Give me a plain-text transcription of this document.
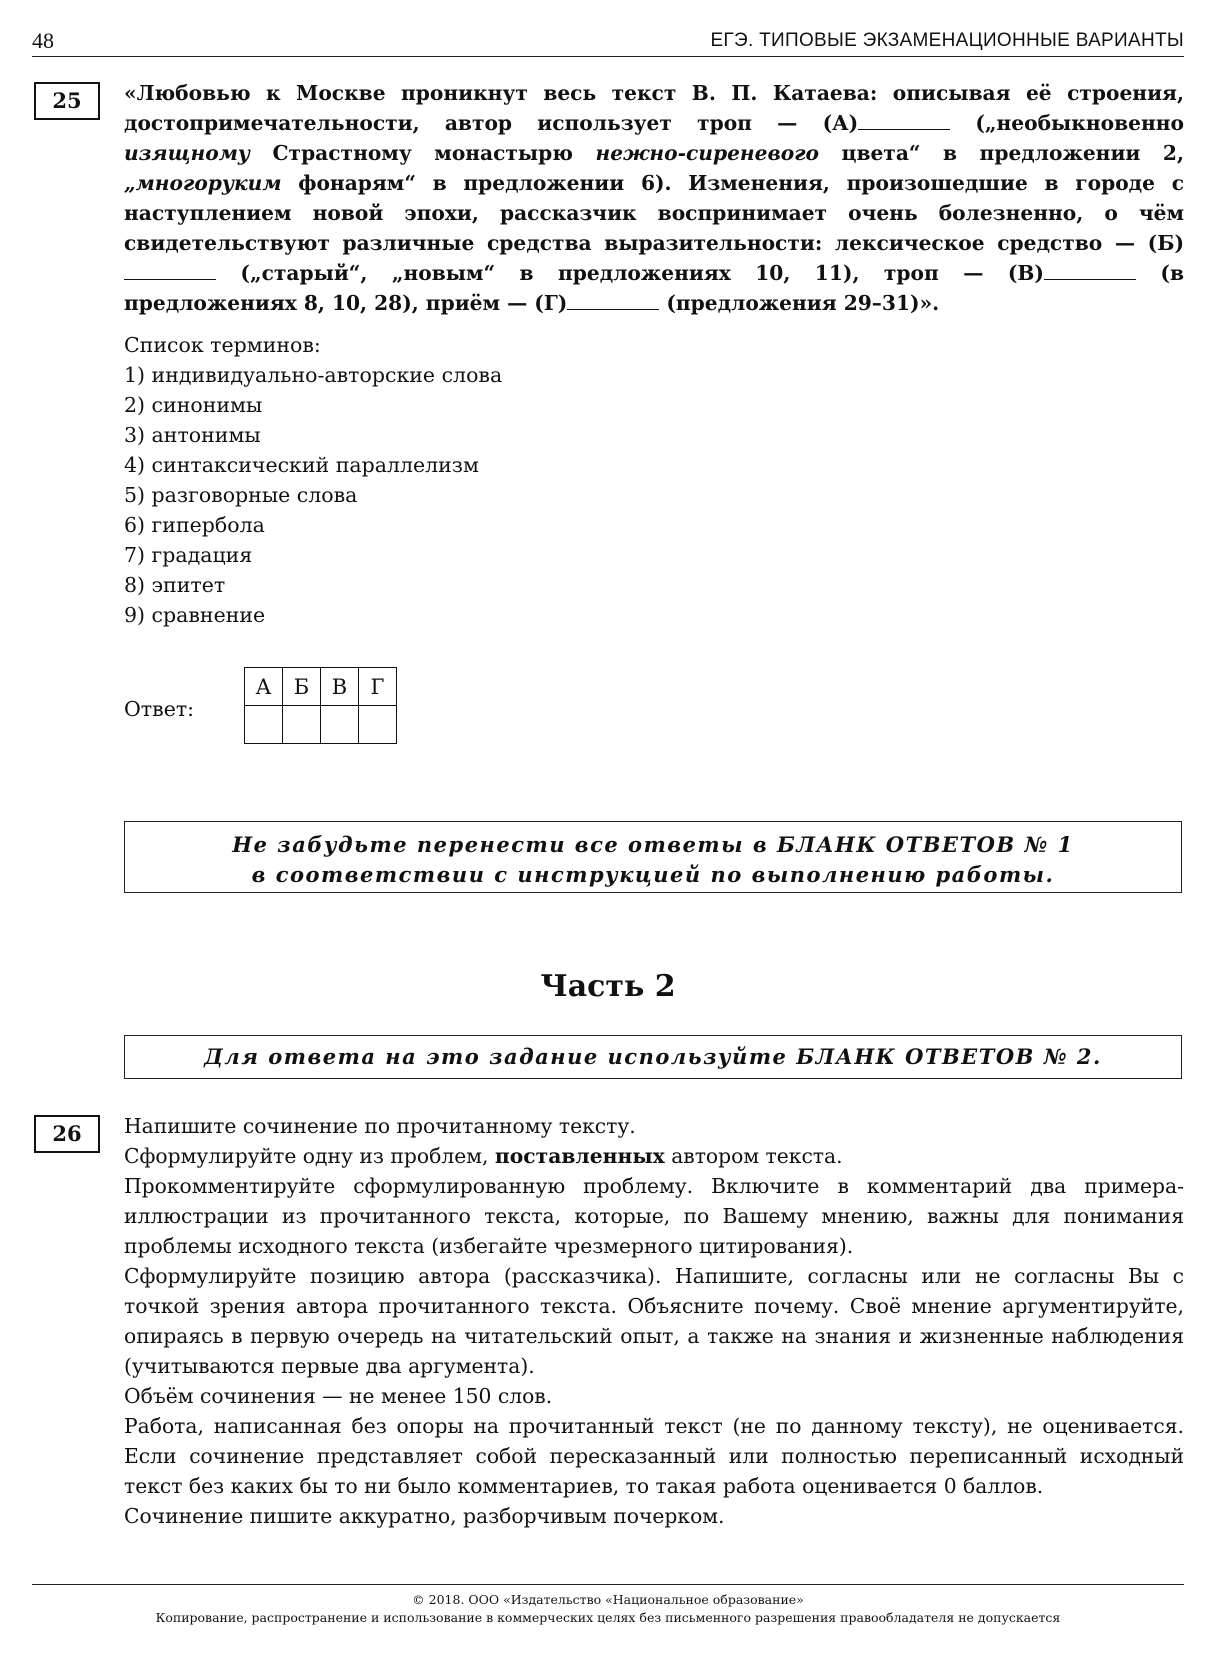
48	ЕГЭ. ТИПОВЫЕ ЭКЗАМЕНАЦИОННЫЕ ВАРИАНТЫ
25	«Любовью к Москве проникнут весь текст В. П. Катаева: описывая её строения, достопримечательности, автор использует троп — (А)	(„необыкновенно изящному Страстному монастырю нежно-сиреневого цвета“ в предложении 2, „многоруким фонарям“ в предложении 6). Изменения, произошедшие в городе с наступлением новой эпохи, рассказчик воспринимает очень болезненно, о чём свидетельствуют различные средства выразительности: лексическое средство — (Б) („старый“, „новым“ в предложениях 10, 11), троп — (В)	(в предложениях 8, 10, 28), приём — (Г)	(предложения 29–31)».
Список терминов:
1) индивидуально-авторские слова
2) синонимы
3) антонимы
4) синтаксический параллелизм
5) разговорные слова
6) гипербола
7) градация
8) эпитет
9) сравнение
Ответ:
А	Б	В	Г

Не забудьте перенести все ответы в БЛАНК ОТВЕТОВ № 1
в соответствии с инструкцией по выполнению работы.
Часть 2
Для ответа на это задание используйте БЛАНК ОТВЕТОВ № 2.
26	Напишите сочинение по прочитанному тексту.

Сформулируйте одну из проблем, поставленных автором текста.

Прокомментируйте сформулированную проблему. Включите в комментарий два примера-иллюстрации из прочитанного текста, которые, по Вашему мнению, важны для понимания проблемы исходного текста (избегайте чрезмерного цитирования).

Сформулируйте позицию автора (рассказчика). Напишите, согласны или не согласны Вы с точкой зрения автора прочитанного текста. Объясните почему. Своё мнение аргументируйте, опираясь в первую очередь на читательский опыт, а также на знания и жизненные наблюдения (учитываются первые два аргумента).

Объём сочинения — не менее 150 слов.

Работа, написанная без опоры на прочитанный текст (не по данному тексту), не оценивается. Если сочинение представляет собой пересказанный или полностью переписанный исходный текст без каких бы то ни было комментариев, то такая работа оценивается 0 баллов.

Сочинение пишите аккуратно, разборчивым почерком.

© 2018. ООО «Издательство «Национальное образование»
Копирование, распространение и использование в коммерческих целях без письменного разрешения правообладателя не допускается
